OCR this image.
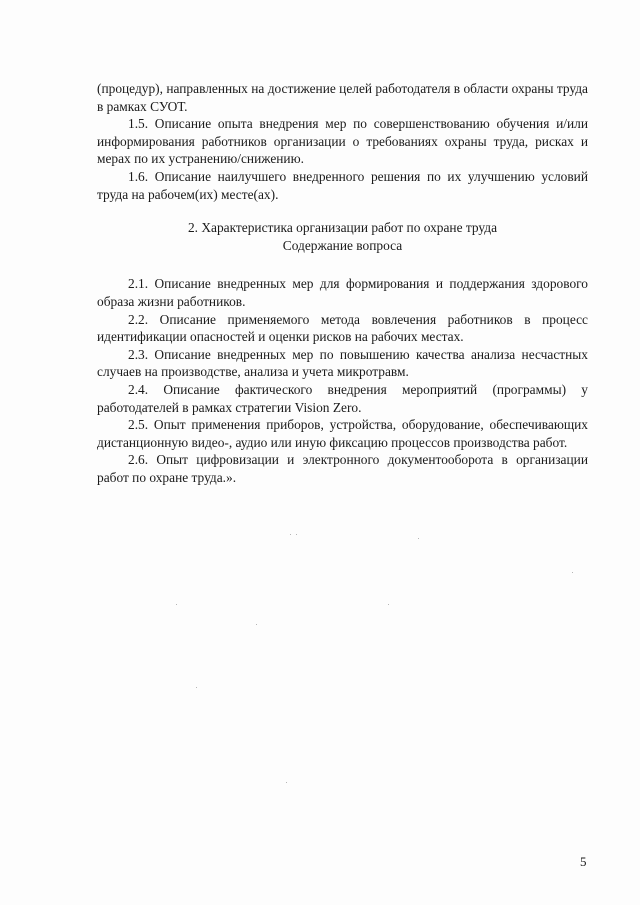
(процедур), направленных на достижение целей работодателя в области охраны труда в рамках СУОТ.

1.5. Описание опыта внедрения мер по совершенствованию обучения и/или информирования работников организации о требованиях охраны труда, рисках и мерах по их устранению/снижению.

1.6. Описание наилучшего внедренного решения по их улучшению условий труда на рабочем(их) месте(ах).

2. Характеристика организации работ по охране труда

Содержание вопроса

2.1. Описание внедренных мер для формирования и поддержания здорового образа жизни работников.

2.2. Описание применяемого метода вовлечения работников в процесс идентификации опасностей и оценки рисков на рабочих местах.

2.3. Описание внедренных мер по повышению качества анализа несчастных случаев на производстве, анализа и учета микротравм.

2.4. Описание фактического внедрения мероприятий (программы) у работодателей в рамках стратегии Vision Zero.

2.5. Опыт применения приборов, устройства, оборудование, обеспечивающих дистанционную видео-, аудио или иную фиксацию процессов производства работ.

2.6. Опыт цифровизации и электронного документооборота в организации работ по охране труда.».

5
